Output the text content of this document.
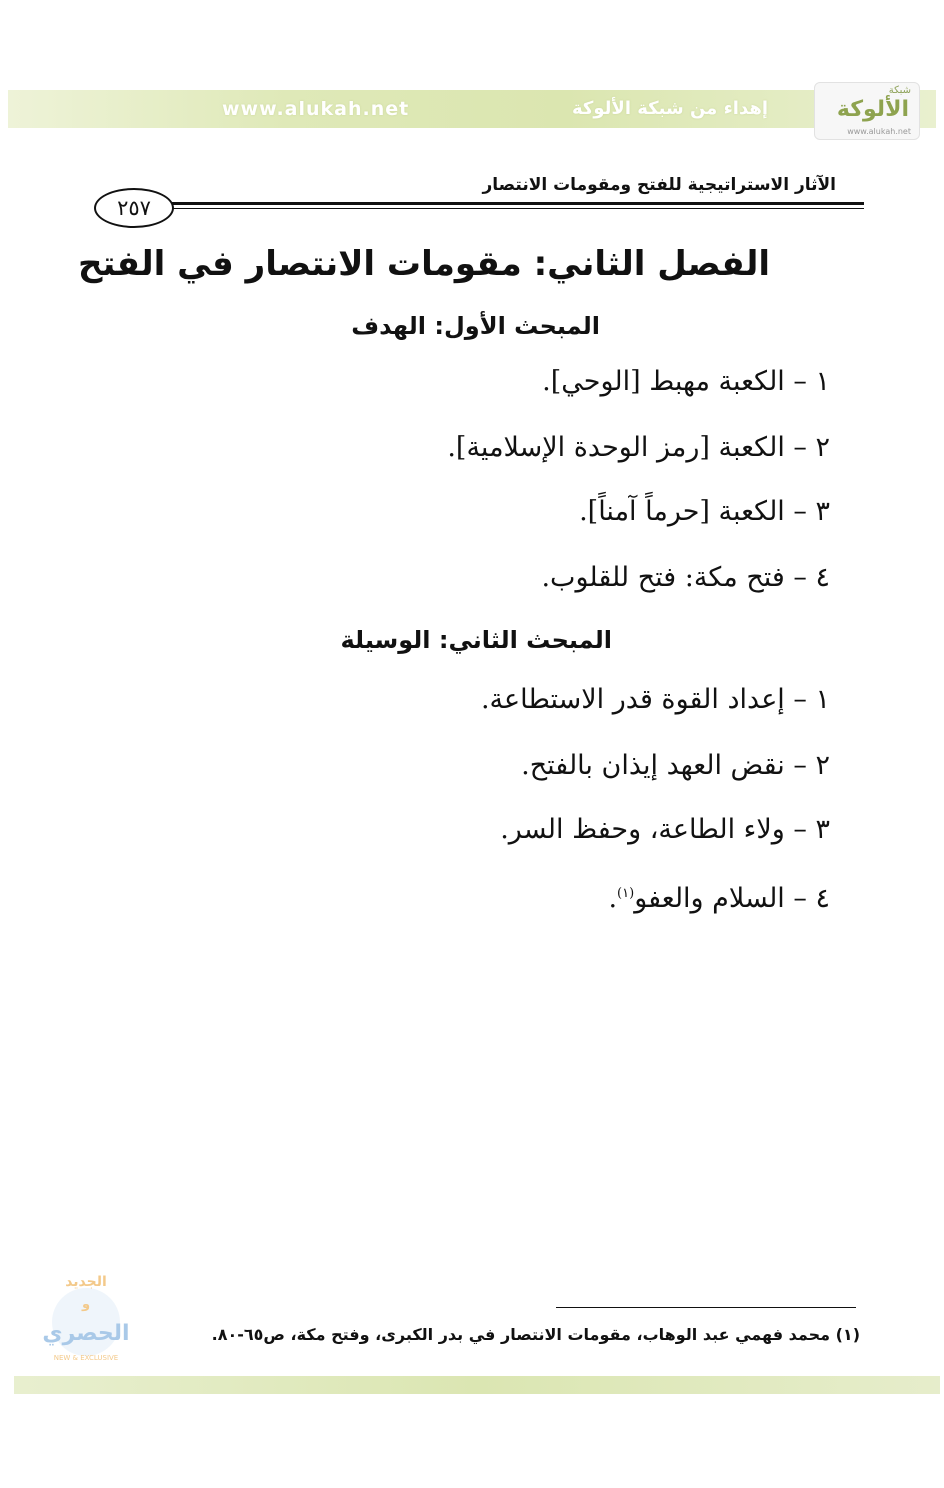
www.alukah.net	إهداء من شبكة الألوكة
شبكة
الألوكة
www.alukah.net
الآثار الاستراتيجية للفتح ومقومات الانتصار
٢٥٧
الفصل الثاني: مقومات الانتصار في الفتح
المبحث الأول: الهدف
١ – الكعبة مهبط [الوحي].
٢ – الكعبة [رمز الوحدة الإسلامية].
٣ – الكعبة [حرماً آمناً].
٤ – فتح مكة: فتح للقلوب.
المبحث الثاني: الوسيلة
١ – إعداد القوة قدر الاستطاعة.
٢ – نقض العهد إيذان بالفتح.
٣ – ولاء الطاعة، وحفظ السر.
٤ – السلام والعفو$^{(١)}$.
(١) محمد فهمي عبد الوهاب، مقومات الانتصار في بدر الكبرى، وفتح مكة، ص٦٥-٨٠.
الجديد
و
الحصري
NEW & EXCLUSIVE
